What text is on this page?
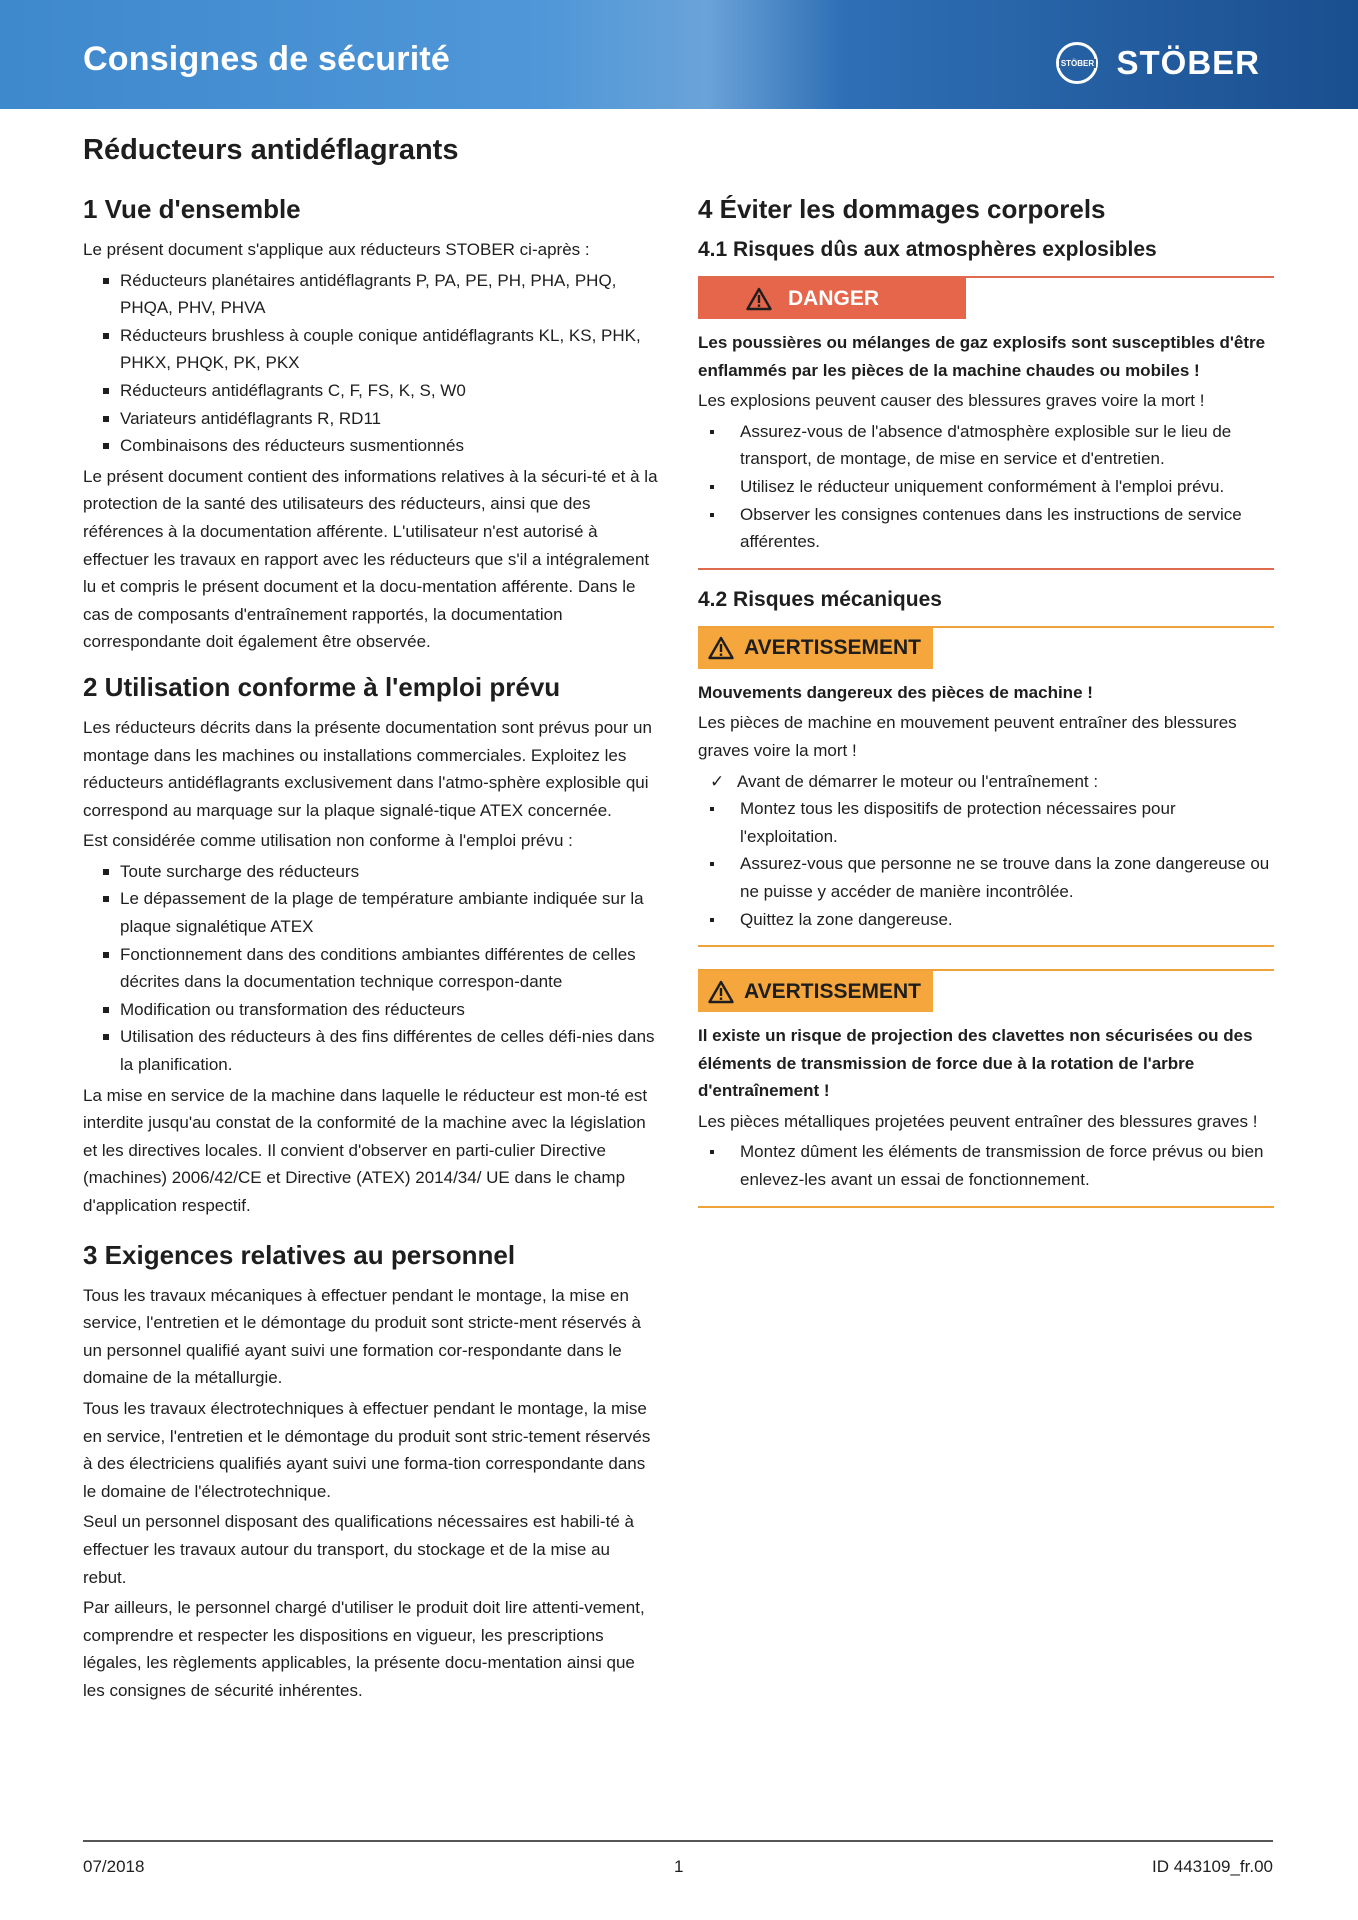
Consignes de sécurité	STÖBER STÖBER
Réducteurs antidéflagrants
1 Vue d'ensemble

Le présent document s'applique aux réducteurs STOBER ci-après :

Réducteurs planétaires antidéflagrants P, PA, PE, PH, PHA, PHQ, PHQA, PHV, PHVA
Réducteurs brushless à couple conique antidéflagrants KL, KS, PHK, PHKX, PHQK, PK, PKX
Réducteurs antidéflagrants C, F, FS, K, S, W0
Variateurs antidéflagrants R, RD11
Combinaisons des réducteurs susmentionnés

Le présent document contient des informations relatives à la sécuri-té et à la protection de la santé des utilisateurs des réducteurs, ainsi que des références à la documentation afférente. L'utilisateur n'est autorisé à effectuer les travaux en rapport avec les réducteurs que s'il a intégralement lu et compris le présent document et la docu-mentation afférente. Dans le cas de composants d'entraînement rapportés, la documentation correspondante doit également être observée.

2 Utilisation conforme à l'emploi prévu

Les réducteurs décrits dans la présente documentation sont prévus pour un montage dans les machines ou installations commerciales. Exploitez les réducteurs antidéflagrants exclusivement dans l'atmo-sphère explosible qui correspond au marquage sur la plaque signalé-tique ATEX concernée.

Est considérée comme utilisation non conforme à l'emploi prévu :

Toute surcharge des réducteurs
Le dépassement de la plage de température ambiante indiquée sur la plaque signalétique ATEX
Fonctionnement dans des conditions ambiantes différentes de celles décrites dans la documentation technique correspon-dante
Modification ou transformation des réducteurs
Utilisation des réducteurs à des fins différentes de celles défi-nies dans la planification.

La mise en service de la machine dans laquelle le réducteur est mon-té est interdite jusqu'au constat de la conformité de la machine avec la législation et les directives locales. Il convient d'observer en parti-culier Directive (machines) 2006/42/CE et Directive (ATEX) 2014/34/ UE dans le champ d'application respectif.

3 Exigences relatives au personnel

Tous les travaux mécaniques à effectuer pendant le montage, la mise en service, l'entretien et le démontage du produit sont stricte-ment réservés à un personnel qualifié ayant suivi une formation cor-respondante dans le domaine de la métallurgie.

Tous les travaux électrotechniques à effectuer pendant le montage, la mise en service, l'entretien et le démontage du produit sont stric-tement réservés à des électriciens qualifiés ayant suivi une forma-tion correspondante dans le domaine de l'électrotechnique.

Seul un personnel disposant des qualifications nécessaires est habili-té à effectuer les travaux autour du transport, du stockage et de la mise au rebut.

Par ailleurs, le personnel chargé d'utiliser le produit doit lire attenti-vement, comprendre et respecter les dispositions en vigueur, les prescriptions légales, les règlements applicables, la présente docu-mentation ainsi que les consignes de sécurité inhérentes.

4 Éviter les dommages corporels
4.1 Risques dûs aux atmosphères explosibles
DANGER

Les poussières ou mélanges de gaz explosifs sont susceptibles d'être enflammés par les pièces de la machine chaudes ou mobiles !

Les explosions peuvent causer des blessures graves voire la mort !

Assurez-vous de l'absence d'atmosphère explosible sur le lieu de transport, de montage, de mise en service et d'entretien.
Utilisez le réducteur uniquement conformément à l'emploi prévu.
Observer les consignes contenues dans les instructions de service afférentes.
4.2 Risques mécaniques
AVERTISSEMENT

Mouvements dangereux des pièces de machine !

Les pièces de machine en mouvement peuvent entraîner des blessures graves voire la mort !

✓ Avant de démarrer le moteur ou l'entraînement :
Montez tous les dispositifs de protection nécessaires pour l'exploitation.
Assurez-vous que personne ne se trouve dans la zone dangereuse ou ne puisse y accéder de manière incontrôlée.
Quittez la zone dangereuse.
AVERTISSEMENT

Il existe un risque de projection des clavettes non sécurisées ou des éléments de transmission de force due à la rotation de l'arbre d'entraînement !

Les pièces métalliques projetées peuvent entraîner des blessures graves !

Montez dûment les éléments de transmission de force prévus ou bien enlevez-les avant un essai de fonctionnement.
07/2018	1	ID 443109_fr.00
